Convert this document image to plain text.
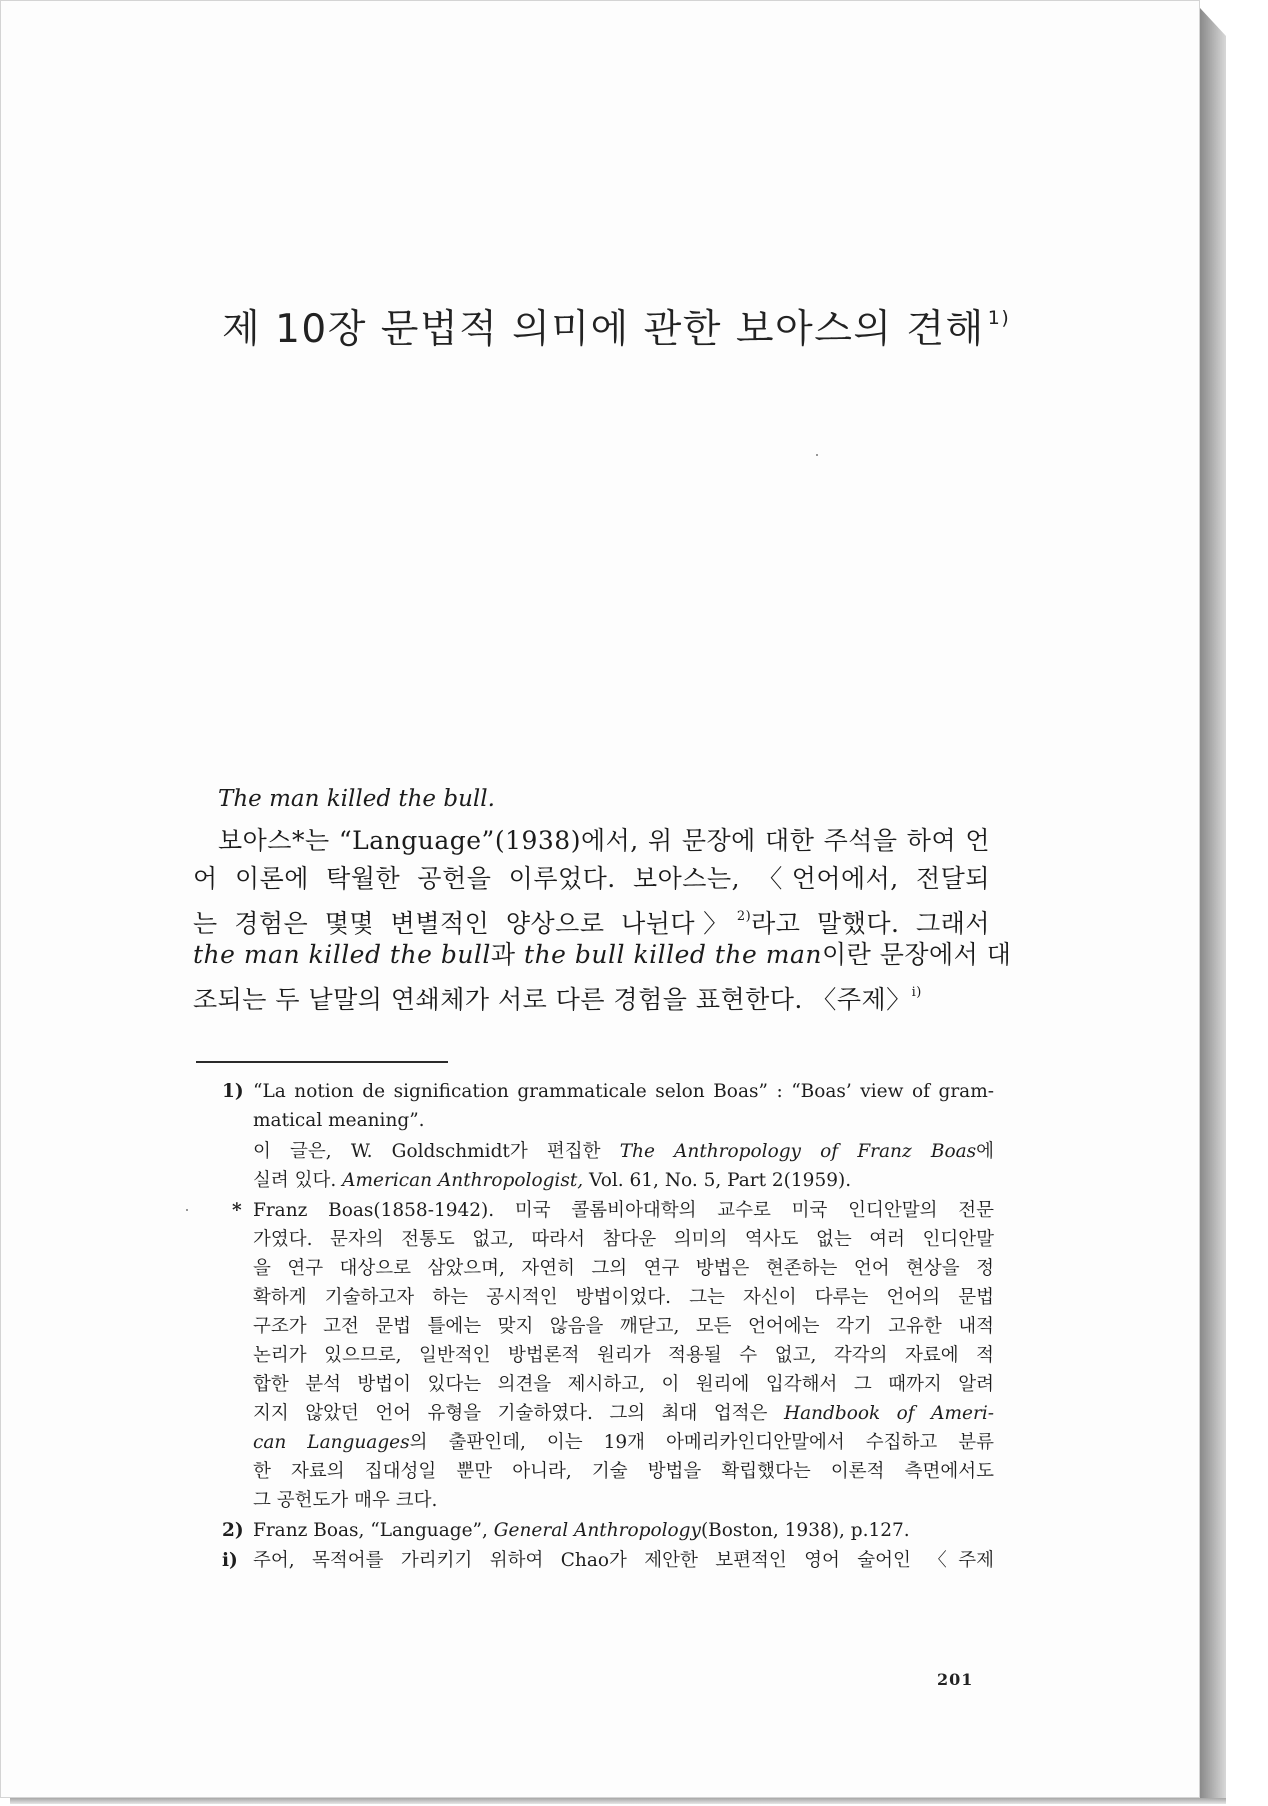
제 10장 문법적 의미에 관한 보아스의 견해 $^{1)}$
The man killed the bull.
보아스*는 “Language”(1938)에서, 위 문장에 대한 주석을 하여 언
어 이론에 탁월한 공헌을 이루었다. 보아스는, 〈언어에서, 전달되
는 경험은 몇몇 변별적인 양상으로 나뉜다〉$^{2)}$라고 말했다. 그래서
the man killed the bull과 the bull killed the man이란 문장에서 대
조되는 두 낱말의 연쇄체가 서로 다른 경험을 표현한다. 〈주제〉$^{i)}$
1) “La notion de signification grammaticale selon Boas” : “Boas’ view of gram-
matical meaning”.
이 글은, W. Goldschmidt가 편집한 The Anthropology of Franz Boas에
실려 있다. American Anthropologist, Vol. 61, No. 5, Part 2(1959).
* Franz Boas(1858-1942). 미국 콜롬비아대학의 교수로 미국 인디안말의 전문
가였다. 문자의 전통도 없고, 따라서 참다운 의미의 역사도 없는 여러 인디안말
을 연구 대상으로 삼았으며, 자연히 그의 연구 방법은 현존하는 언어 현상을 정
확하게 기술하고자 하는 공시적인 방법이었다. 그는 자신이 다루는 언어의 문법
구조가 고전 문법 틀에는 맞지 않음을 깨닫고, 모든 언어에는 각기 고유한 내적
논리가 있으므로, 일반적인 방법론적 원리가 적용될 수 없고, 각각의 자료에 적
합한 분석 방법이 있다는 의견을 제시하고, 이 원리에 입각해서 그 때까지 알려
지지 않았던 언어 유형을 기술하였다. 그의 최대 업적은 Handbook of Ameri-
can Languages의 출판인데, 이는 19개 아메리카인디안말에서 수집하고 분류
한 자료의 집대성일 뿐만 아니라, 기술 방법을 확립했다는 이론적 측면에서도
그 공헌도가 매우 크다.
2) Franz Boas, “Language”, General Anthropology(Boston, 1938), p.127.
i) 주어, 목적어를 가리키기 위하여 Chao가 제안한 보편적인 영어 술어인 〈주제
201
